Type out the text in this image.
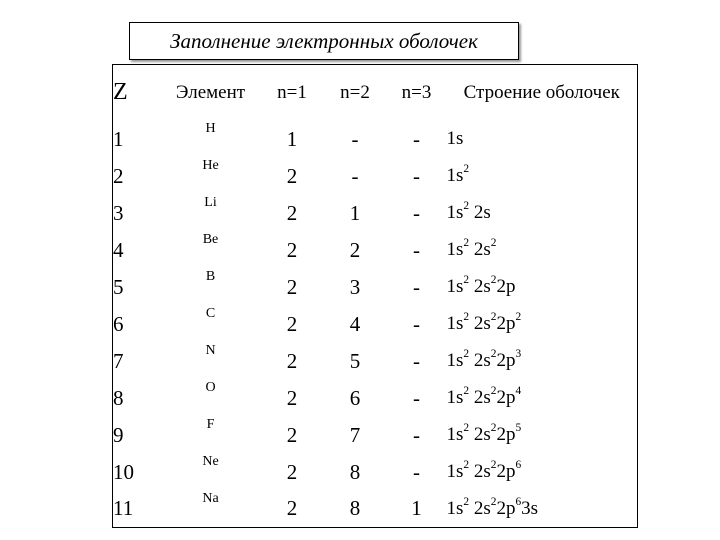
Заполнение электронных оболочек
Z	Элемент	n=1	n=2	n=3	Строение оболочек
1	H	1	-	-	1s
2	He	2	-	-	$1s^2$
3	Li	2	1	-	$1s^2$ 2s
4	Be	2	2	-	$1s^2$ $2s^2$
5	B	2	3	-	$1s^2$ $2s^22p$
6	C	2	4	-	$1s^2$ $2s^22p^2$
7	N	2	5	-	$1s^2$ $2s^22p^3$
8	O	2	6	-	$1s^2$ $2s^22p^4$
9	F	2	7	-	$1s^2$ $2s^22p^5$
10	Ne	2	8	-	$1s^2$ $2s^22p^6$
11	Na	2	8	1	$1s^2$ $2s^22p^63s$
